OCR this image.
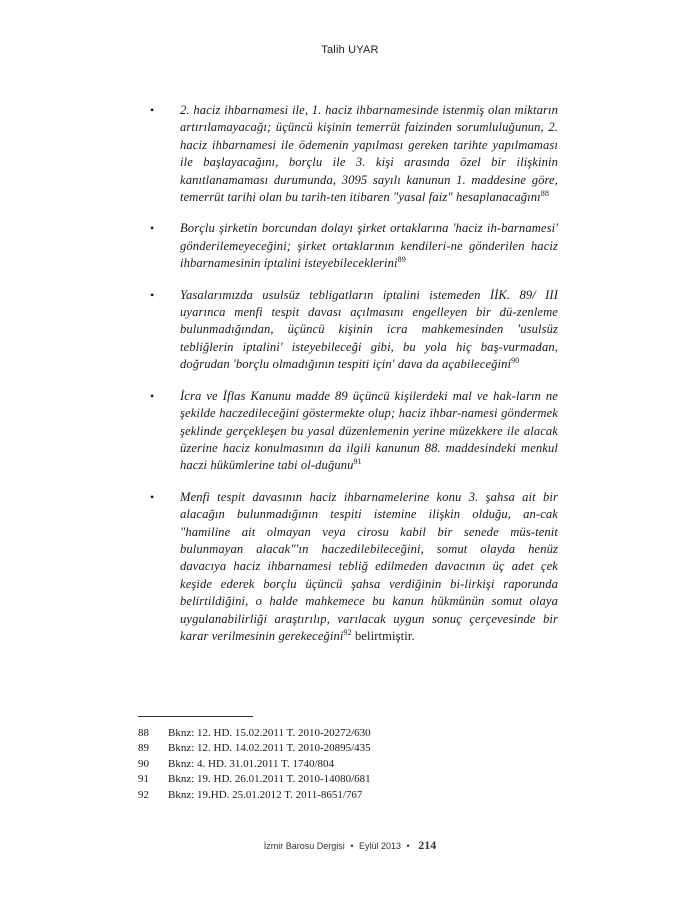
Talih UYAR
• 2. haciz ihbarnamesi ile, 1. haciz ihbarnamesinde istenmiş olan miktarın artırılamayacağı; üçüncü kişinin temerrüt faizinden sorumluluğunun, 2. haciz ihbarnamesi ile ödemenin yapılması gereken tarihte yapılmaması ile başlayacağını, borçlu ile 3. kişi arasında özel bir ilişkinin kanıtlanamaması durumunda, 3095 sayılı kanunun 1. maddesine göre, temerrüt tarihi olan bu tarih-ten itibaren "yasal faiz" hesaplanacağını$^{88}$
• Borçlu şirketin borcundan dolayı şirket ortaklarına 'haciz ih-barnamesi' gönderilemeyeceğini; şirket ortaklarının kendileri-ne gönderilen haciz ihbarnamesinin iptalini isteyebileceklerini$^{89}$
• Yasalarımızda usulsüz tebligatların iptalini istemeden İİK. 89/ III uyarınca menfi tespit davası açılmasını engelleyen bir dü-zenleme bulunmadığından, üçüncü kişinin icra mahkemesinden 'usulsüz tebliğlerin iptalini' isteyebileceği gibi, bu yola hiç baş-vurmadan, doğrudan 'borçlu olmadığının tespiti için' dava da açabileceğini$^{90}$
• İcra ve İflas Kanunu madde 89 üçüncü kişilerdeki mal ve hak-ların ne şekilde haczedileceğini göstermekte olup; haciz ihbar-namesi göndermek şeklinde gerçekleşen bu yasal düzenlemenin yerine müzekkere ile alacak üzerine haciz konulmasının da ilgili kanunun 88. maddesindeki menkul haczi hükümlerine tabi ol-duğunu$^{91}$
• Menfi tespit davasının haciz ihbarnamelerine konu 3. şahsa ait bir alacağın bulunmadığının tespiti istemine ilişkin olduğu, an-cak "hamiline ait olmayan veya cirosu kabil bir senede müs-tenit bulunmayan alacak"'ın haczedilebileceğini, somut olayda henüz davacıya haciz ihbarnamesi tebliğ edilmeden davacının üç adet çek keşide ederek borçlu üçüncü şahsa verdiğinin bi-lirkişi raporunda belirtildiğini, o halde mahkemece bu kanun hükmünün somut olaya uygulanabilirliği araştırılıp, varılacak uygun sonuç çerçevesinde bir karar verilmesinin gerekeceğini$^{92}$ belirtmiştir.
88	Bknz: 12. HD. 15.02.2011 T. 2010-20272/630
89	Bknz: 12. HD. 14.02.2011 T. 2010-20895/435
90	Bknz: 4. HD. 31.01.2011 T. 1740/804
91	Bknz: 19. HD. 26.01.2011 T. 2010-14080/681
92	Bknz: 19.HD. 25.01.2012 T. 2011-8651/767
İzmir Barosu Dergisi • Eylül 2013 • 214
